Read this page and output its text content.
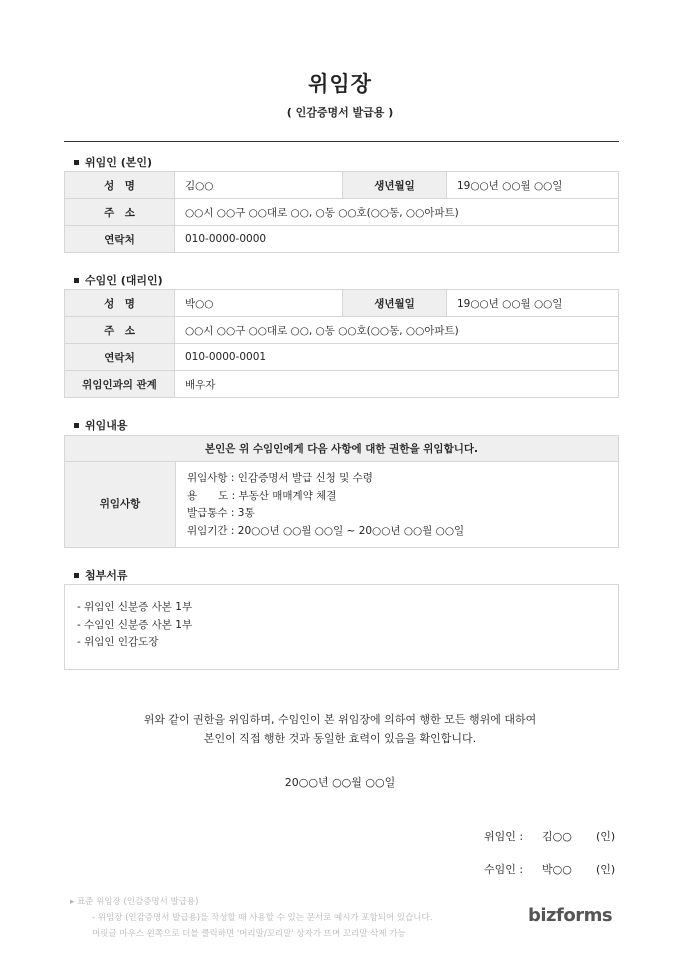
위임장
( 인감증명서 발급용 )
위임인 (본인)
성　명	김○○	생년월일	19○○년 ○○월 ○○일
주　소	○○시 ○○구 ○○대로 ○○, ○동 ○○호(○○동, ○○아파트)		
연락처	010-0000-0000		
수임인 (대리인)
성　명	박○○	생년월일	19○○년 ○○월 ○○일
주　소	○○시 ○○구 ○○대로 ○○, ○동 ○○호(○○동, ○○아파트)		
연락처	010-0000-0001		
위임인과의 관계	배우자		
위임내용
본인은 위 수임인에게 다음 사항에 대한 권한을 위임합니다.
위임사항
위임사항 : 인감증명서 발급 신청 및 수령
용　　도 : 부동산 매매계약 체결
발급통수 : 3통
위임기간 : 20○○년 ○○월 ○○일 ~ 20○○년 ○○월 ○○일
첨부서류
- 위임인 신분증 사본 1부
- 수임인 신분증 사본 1부
- 위임인 인감도장
위와 같이 권한을 위임하며, 수임인이 본 위임장에 의하여 행한 모든 행위에 대하여
본인이 직접 행한 것과 동일한 효력이 있음을 확인합니다.
20○○년 ○○월 ○○일
위임인 : 김○○ (인)
수임인 : 박○○ (인)
▸ 표준 위임장 (인감증명서 발급용)
- 위임장 (인감증명서 발급용)을 작성할 때 사용할 수 있는 문서로 예시가 포함되어 있습니다.
머릿글 마우스 왼쪽으로 더블 클릭하면 '머리말/꼬리말' 상자가 뜨며 꼬리말 삭제 가능
bizforms
